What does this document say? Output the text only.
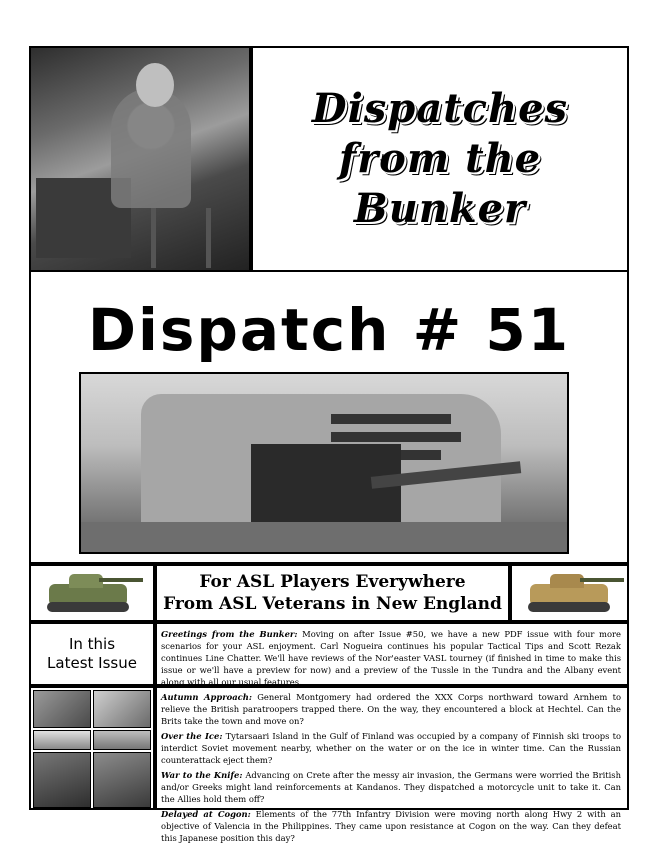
Dispatches
from the
Bunker
Dispatch # 51
For ASL Players Everywhere
From ASL Veterans in New England
In this
Latest Issue
Greetings from the Bunker: Moving on after Issue #50, we have a new PDF issue with four more scenarios for your ASL enjoyment. Carl Nogueira continues his popular Tactical Tips and Scott Rezak continues Line Chatter. We'll have reviews of the Nor'easter VASL tourney (if finished in time to make this issue or we'll have a preview for now) and a preview of the Tussle in the Tundra and the Albany event along with all our usual features.
Autumn Approach: General Montgomery had ordered the XXX Corps northward toward Arnhem to relieve the British paratroopers trapped there. On the way, they encountered a block at Hechtel. Can the Brits take the town and move on?
Over the Ice: Tytarsaari Island in the Gulf of Finland was occupied by a company of Finnish ski troops to interdict Soviet movement nearby, whether on the water or on the ice in winter time. Can the Russian counterattack eject them?
War to the Knife: Advancing on Crete after the messy air invasion, the Germans were worried the British and/or Greeks might land reinforcements at Kandanos. They dispatched a motorcycle unit to take it. Can the Allies hold them off?
Delayed at Cogon: Elements of the 77th Infantry Division were moving north along Hwy 2 with an objective of Valencia in the Philippines. They came upon resistance at Cogon on the way. Can they defeat this Japanese position this day?
